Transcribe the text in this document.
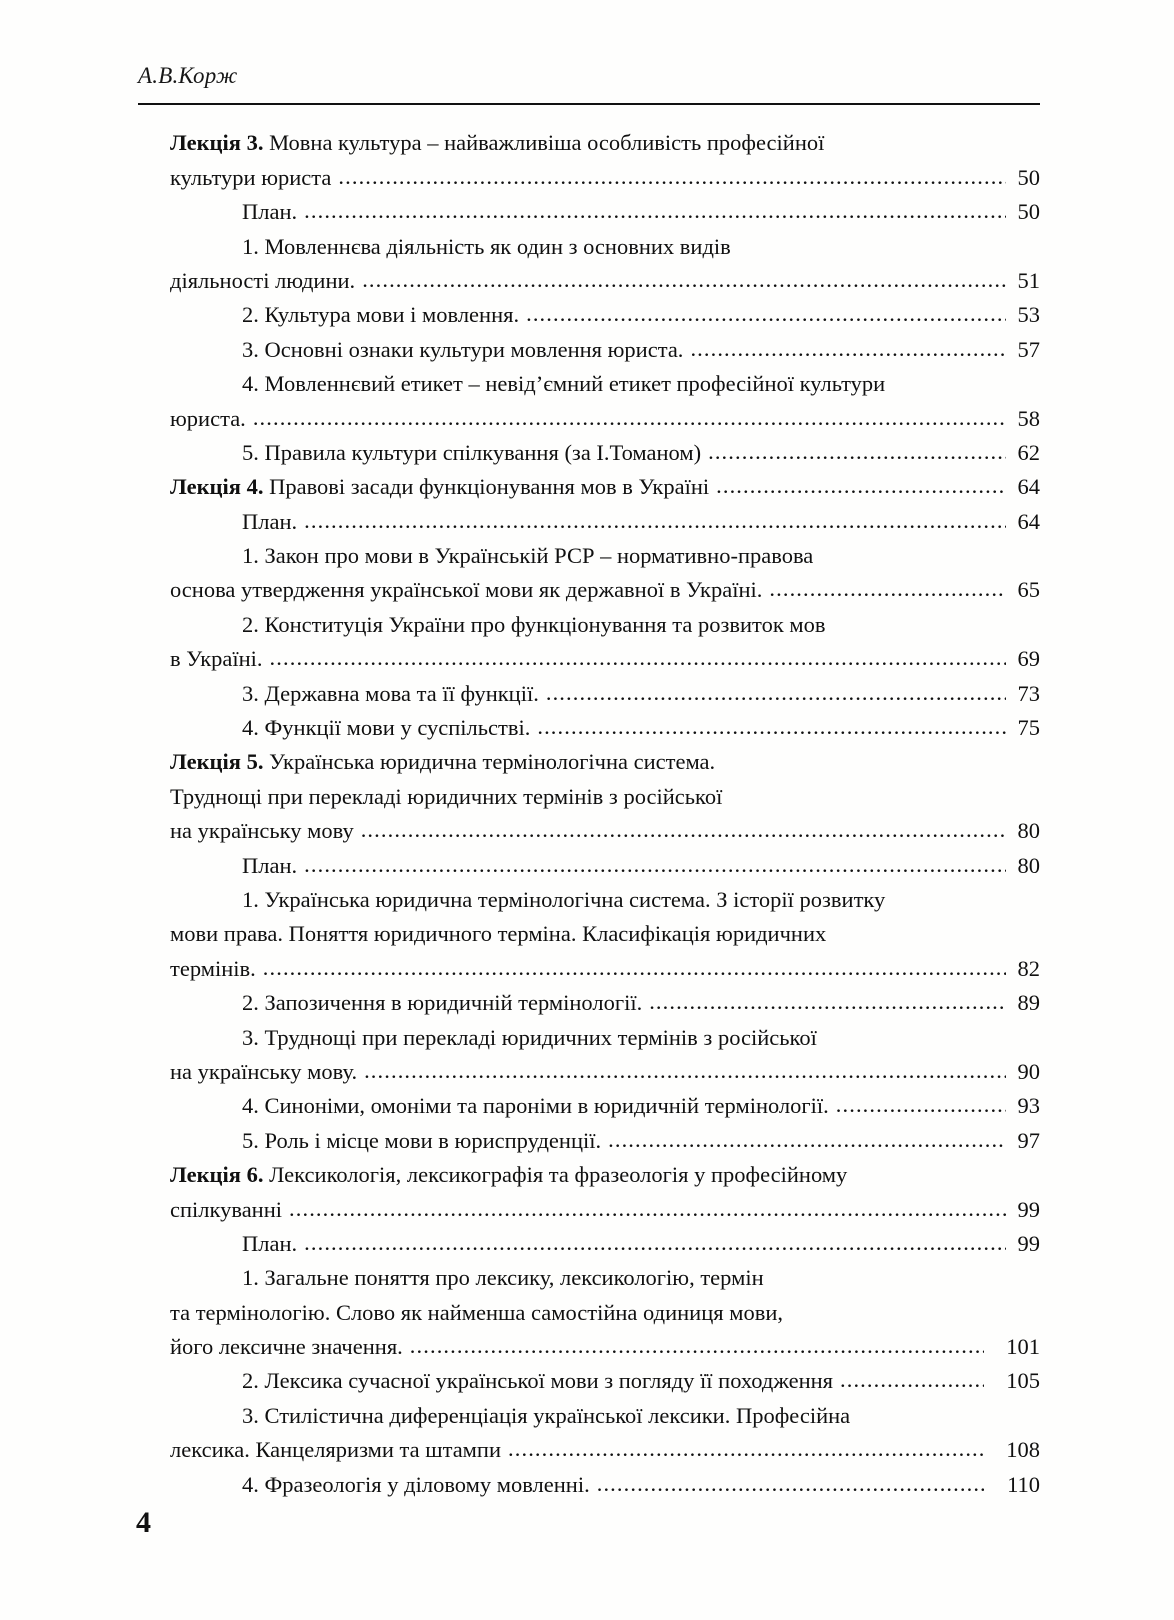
А.В.Корж
Лекція 3. Мовна культура – найважливіша особливість професійної
культури юриста .....	50
План. .....	50
1. Мовленнєва діяльність як один з основних видів
діяльності людини. .....	51
2. Культура мови і мовлення. .....	53
3. Основні ознаки культури мовлення юриста. .....	57
4. Мовленнєвий етикет – невід’ємний етикет професійної культури
юриста. .....	58
5. Правила культури спілкування (за І.Томаном) .....	62
Лекція 4. Правові засади функціонування мов в Україні .....	64
План. .....	64
1. Закон про мови в Українській РСР – нормативно-правова
основа утвердження української мови як державної в Україні. .....	65
2. Конституція України про функціонування та розвиток мов
в Україні. .....	69
3. Державна мова та її функції. .....	73
4. Функції мови у суспільстві. .....	75
Лекція 5. Українська юридична термінологічна система.
Труднощі при перекладі юридичних термінів з російської
на українську мову .....	80
План. .....	80
1. Українська юридична термінологічна система. З історії розвитку
мови права. Поняття юридичного терміна. Класифікація юридичних
термінів. .....	82
2. Запозичення в юридичній термінології. .....	89
3. Труднощі при перекладі юридичних термінів з російської
на українську мову. .....	90
4. Синоніми, омоніми та пароніми в юридичній термінології. .....	93
5. Роль і місце мови в юриспруденції. .....	97
Лекція 6. Лексикологія, лексикографія та фразеологія у професійному
спілкуванні .....	99
План. .....	99
1. Загальне поняття про лексику, лексикологію, термін
та термінологію. Слово як найменша самостійна одиниця мови,
його лексичне значення. .....	101
2. Лексика сучасної української мови з погляду її походження .....	105
3. Стилістична диференціація української лексики. Професійна
лексика. Канцеляризми та штампи .....	108
4. Фразеологія у діловому мовленні. .....	110
4
